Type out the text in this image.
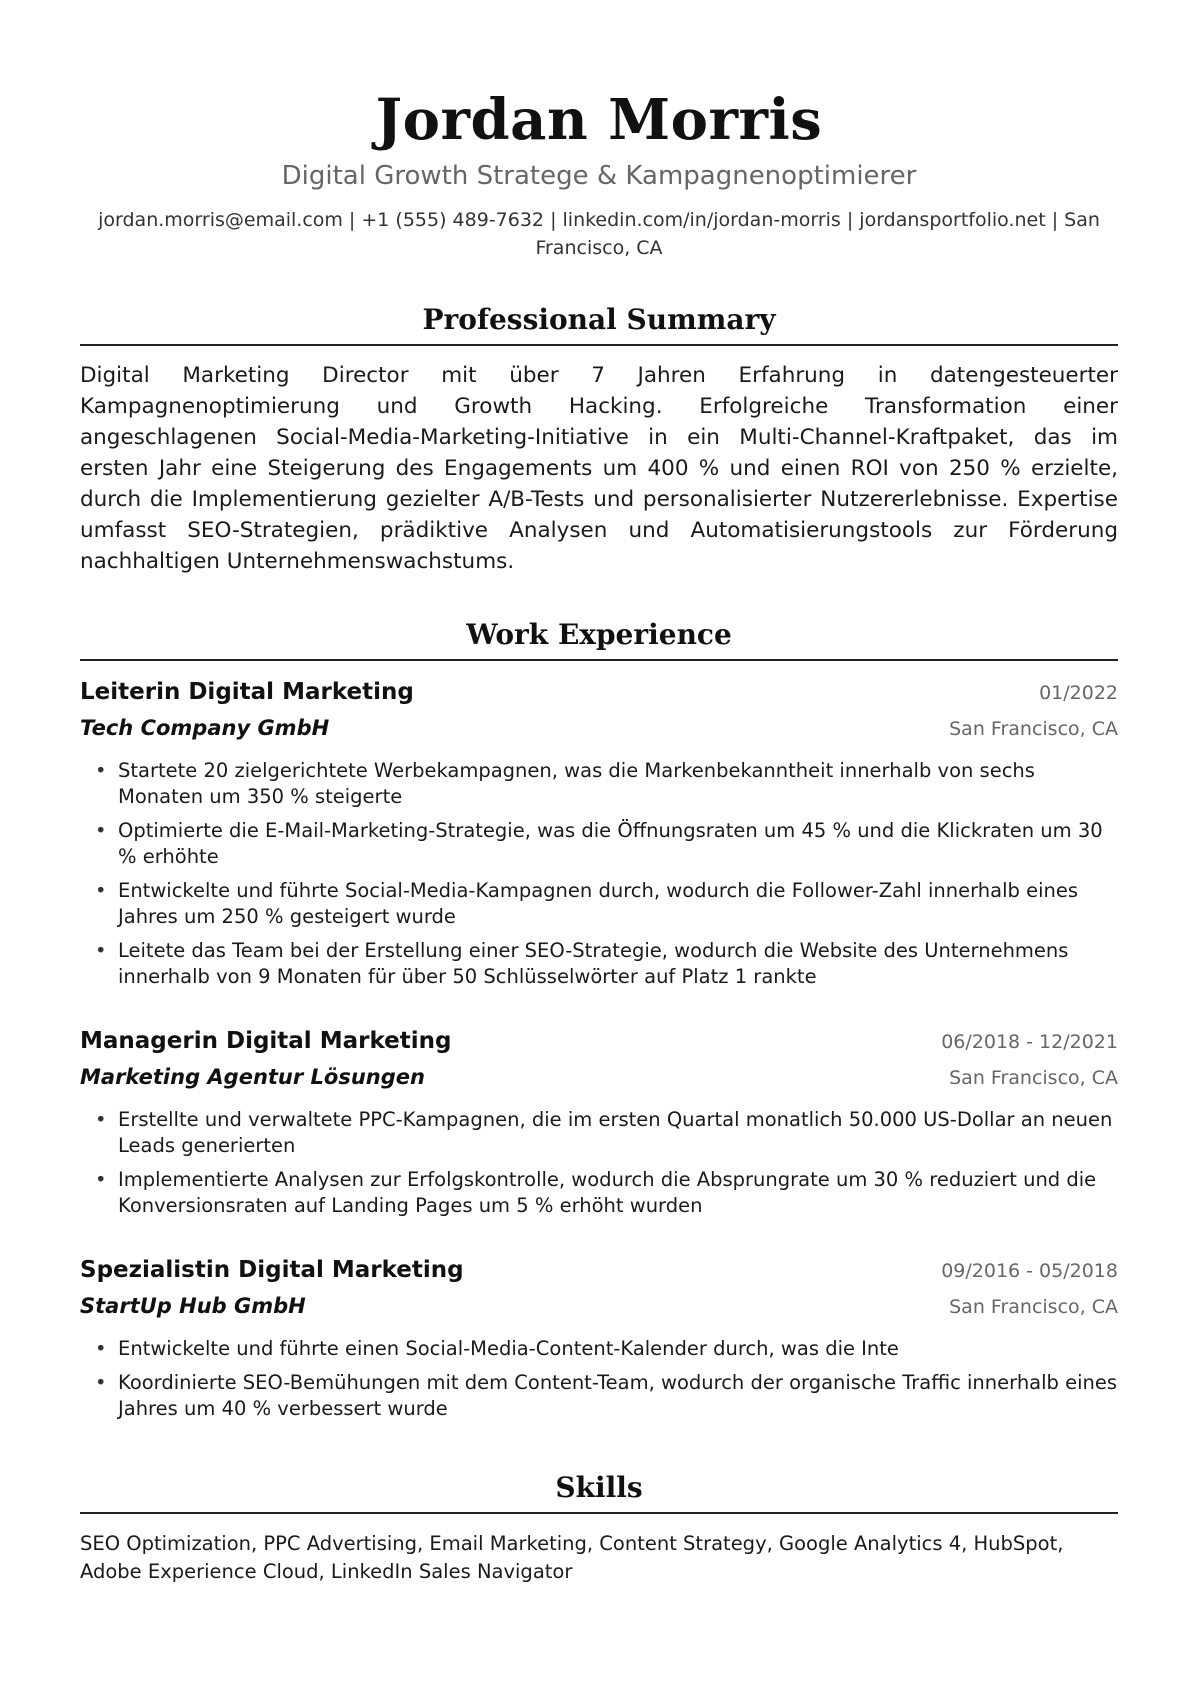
Jordan Morris
Digital Growth Stratege & Kampagnenoptimierer
jordan.morris@email.com | +1 (555) 489-7632 | linkedin.com/in/jordan-morris | jordansportfolio.net | San Francisco, CA
Professional Summary
Digital Marketing Director mit über 7 Jahren Erfahrung in datengesteuerter Kampagnenoptimierung und Growth Hacking. Erfolgreiche Transformation einer angeschlagenen Social-Media-Marketing-Initiative in ein Multi-Channel-Kraftpaket, das im ersten Jahr eine Steigerung des Engagements um 400 % und einen ROI von 250 % erzielte, durch die Implementierung gezielter A/B-Tests und personalisierter Nutzererlebnisse. Expertise umfasst SEO-Strategien, prädiktive Analysen und Automatisierungstools zur Förderung nachhaltigen Unternehmenswachstums.
Work Experience
Leiterin Digital Marketing	01/2022
Tech Company GmbH	San Francisco, CA
• Startete 20 zielgerichtete Werbekampagnen, was die Markenbekanntheit innerhalb von sechs Monaten um 350 % steigerte
• Optimierte die E-Mail-Marketing-Strategie, was die Öffnungsraten um 45 % und die Klickraten um 30 % erhöhte
• Entwickelte und führte Social-Media-Kampagnen durch, wodurch die Follower-Zahl innerhalb eines Jahres um 250 % gesteigert wurde
• Leitete das Team bei der Erstellung einer SEO-Strategie, wodurch die Website des Unternehmens innerhalb von 9 Monaten für über 50 Schlüsselwörter auf Platz 1 rankte
Managerin Digital Marketing	06/2018 - 12/2021
Marketing Agentur Lösungen	San Francisco, CA
• Erstellte und verwaltete PPC-Kampagnen, die im ersten Quartal monatlich 50.000 US-Dollar an neuen Leads generierten
• Implementierte Analysen zur Erfolgskontrolle, wodurch die Absprungrate um 30 % reduziert und die Konversionsraten auf Landing Pages um 5 % erhöht wurden
Spezialistin Digital Marketing	09/2016 - 05/2018
StartUp Hub GmbH	San Francisco, CA
• Entwickelte und führte einen Social-Media-Content-Kalender durch, was die Inte
• Koordinierte SEO-Bemühungen mit dem Content-Team, wodurch der organische Traffic innerhalb eines Jahres um 40 % verbessert wurde
Skills
SEO Optimization, PPC Advertising, Email Marketing, Content Strategy, Google Analytics 4, HubSpot, Adobe Experience Cloud, LinkedIn Sales Navigator
